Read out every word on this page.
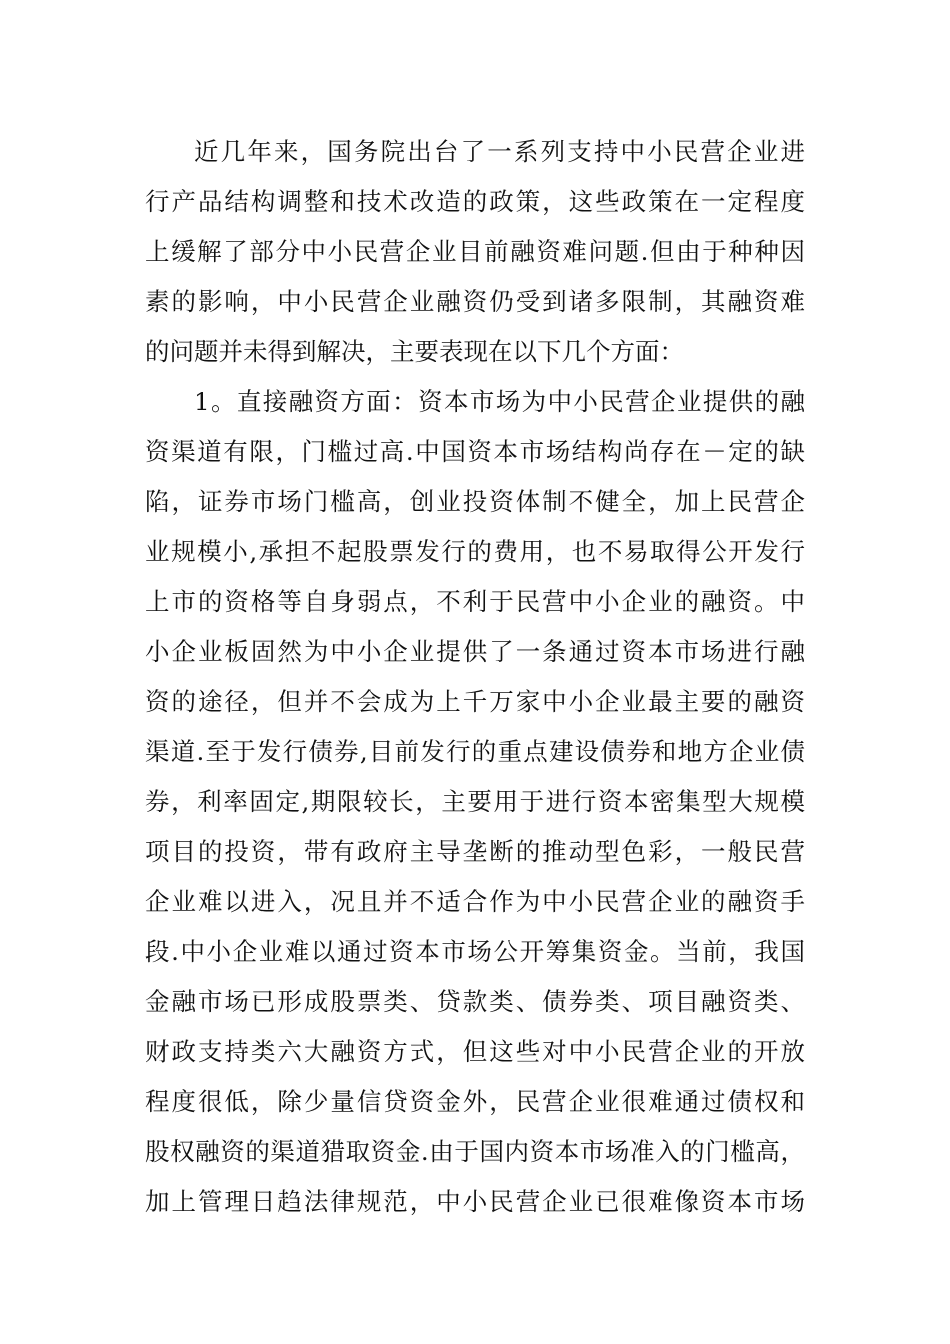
近几年来，国务院出台了一系列支持中小民营企业进
行产品结构调整和技术改造的政策，这些政策在一定程度
上缓解了部分中小民营企业目前融资难问题.但由于种种因
素的影响，中小民营企业融资仍受到诸多限制，其融资难
的问题并未得到解决，主要表现在以下几个方面：
1。直接融资方面：资本市场为中小民营企业提供的融
资渠道有限，门槛过高.中国资本市场结构尚存在－定的缺
陷，证券市场门槛高，创业投资体制不健全，加上民营企
业规模小,承担不起股票发行的费用，也不易取得公开发行
上市的资格等自身弱点，不利于民营中小企业的融资。中
小企业板固然为中小企业提供了一条通过资本市场进行融
资的途径，但并不会成为上千万家中小企业最主要的融资
渠道.至于发行债券,目前发行的重点建设债券和地方企业债
券，利率固定,期限较长，主要用于进行资本密集型大规模
项目的投资，带有政府主导垄断的推动型色彩，一般民营
企业难以进入，况且并不适合作为中小民营企业的融资手
段.中小企业难以通过资本市场公开筹集资金。当前，我国
金融市场已形成股票类、贷款类、债券类、项目融资类、
财政支持类六大融资方式，但这些对中小民营企业的开放
程度很低，除少量信贷资金外，民营企业很难通过债权和
股权融资的渠道猎取资金.由于国内资本市场准入的门槛高，
加上管理日趋法律规范，中小民营企业已很难像资本市场
